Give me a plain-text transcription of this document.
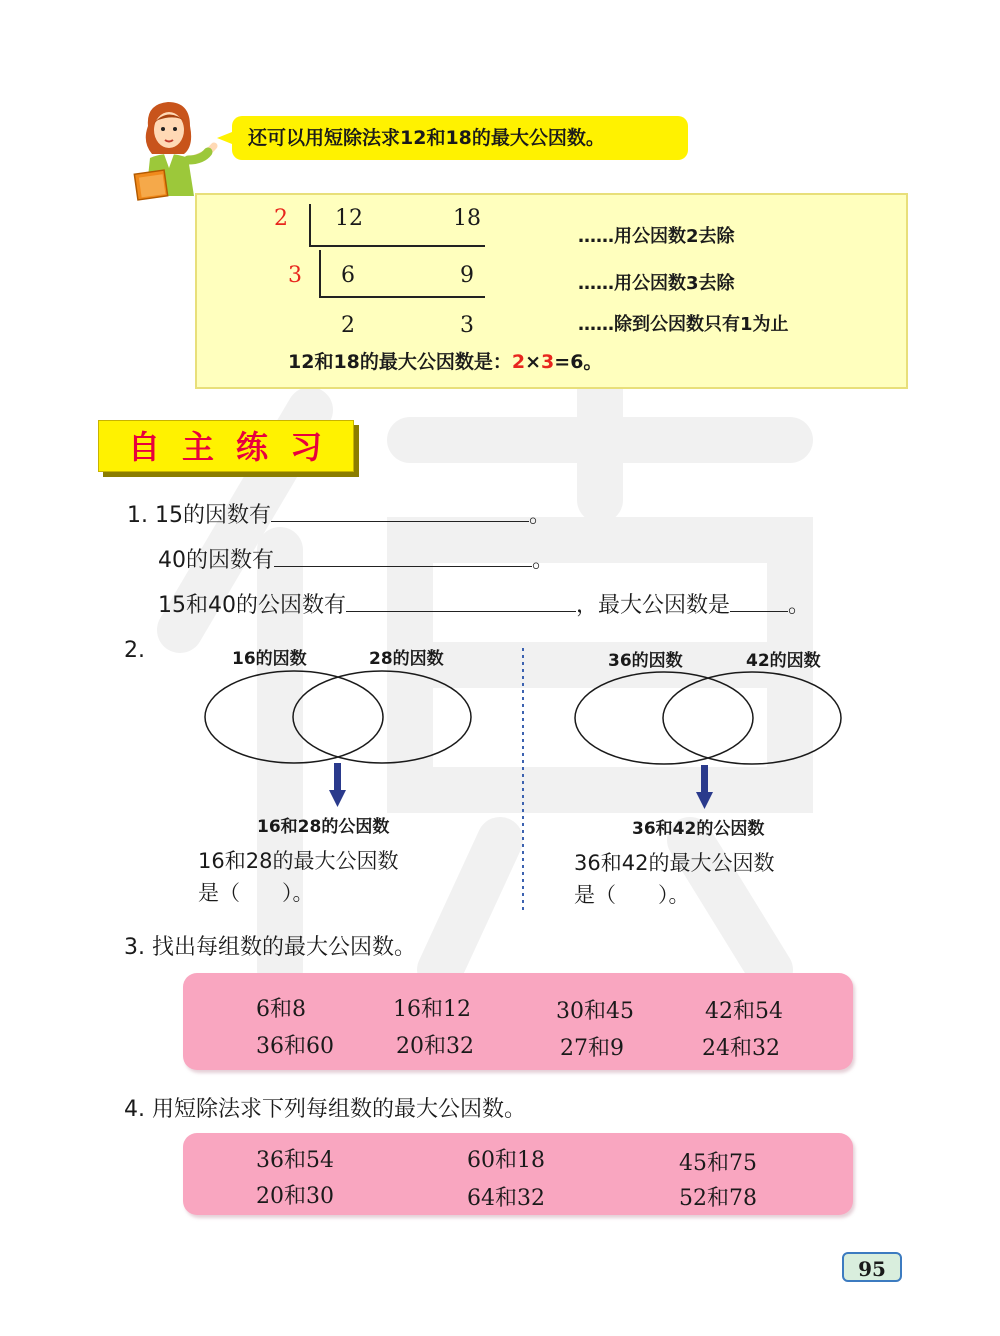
还可以用短除法求12和18的最大公因数。
2 12	18
3 6	9
2	3
……用公因数2去除
……用公因数3去除
……除到公因数只有1为止
12和18的最大公因数是：2×3=6。
自主练习
1. 15的因数有	。
40的因数有	。
15和40的公因数有	，最大公因数是	。
2.	16的因数	28的因数	36的因数	42的因数
16和28的公因数	36和42的公因数
16和28的最大公因数
是（　　）。
36和42的最大公因数
是（　　）。
3. 找出每组数的最大公因数。
6和8	16和12	30和45	42和54
36和60	20和32	27和9	24和32
4. 用短除法求下列每组数的最大公因数。
36和54	60和18	45和75
20和30	64和32	52和78
95
